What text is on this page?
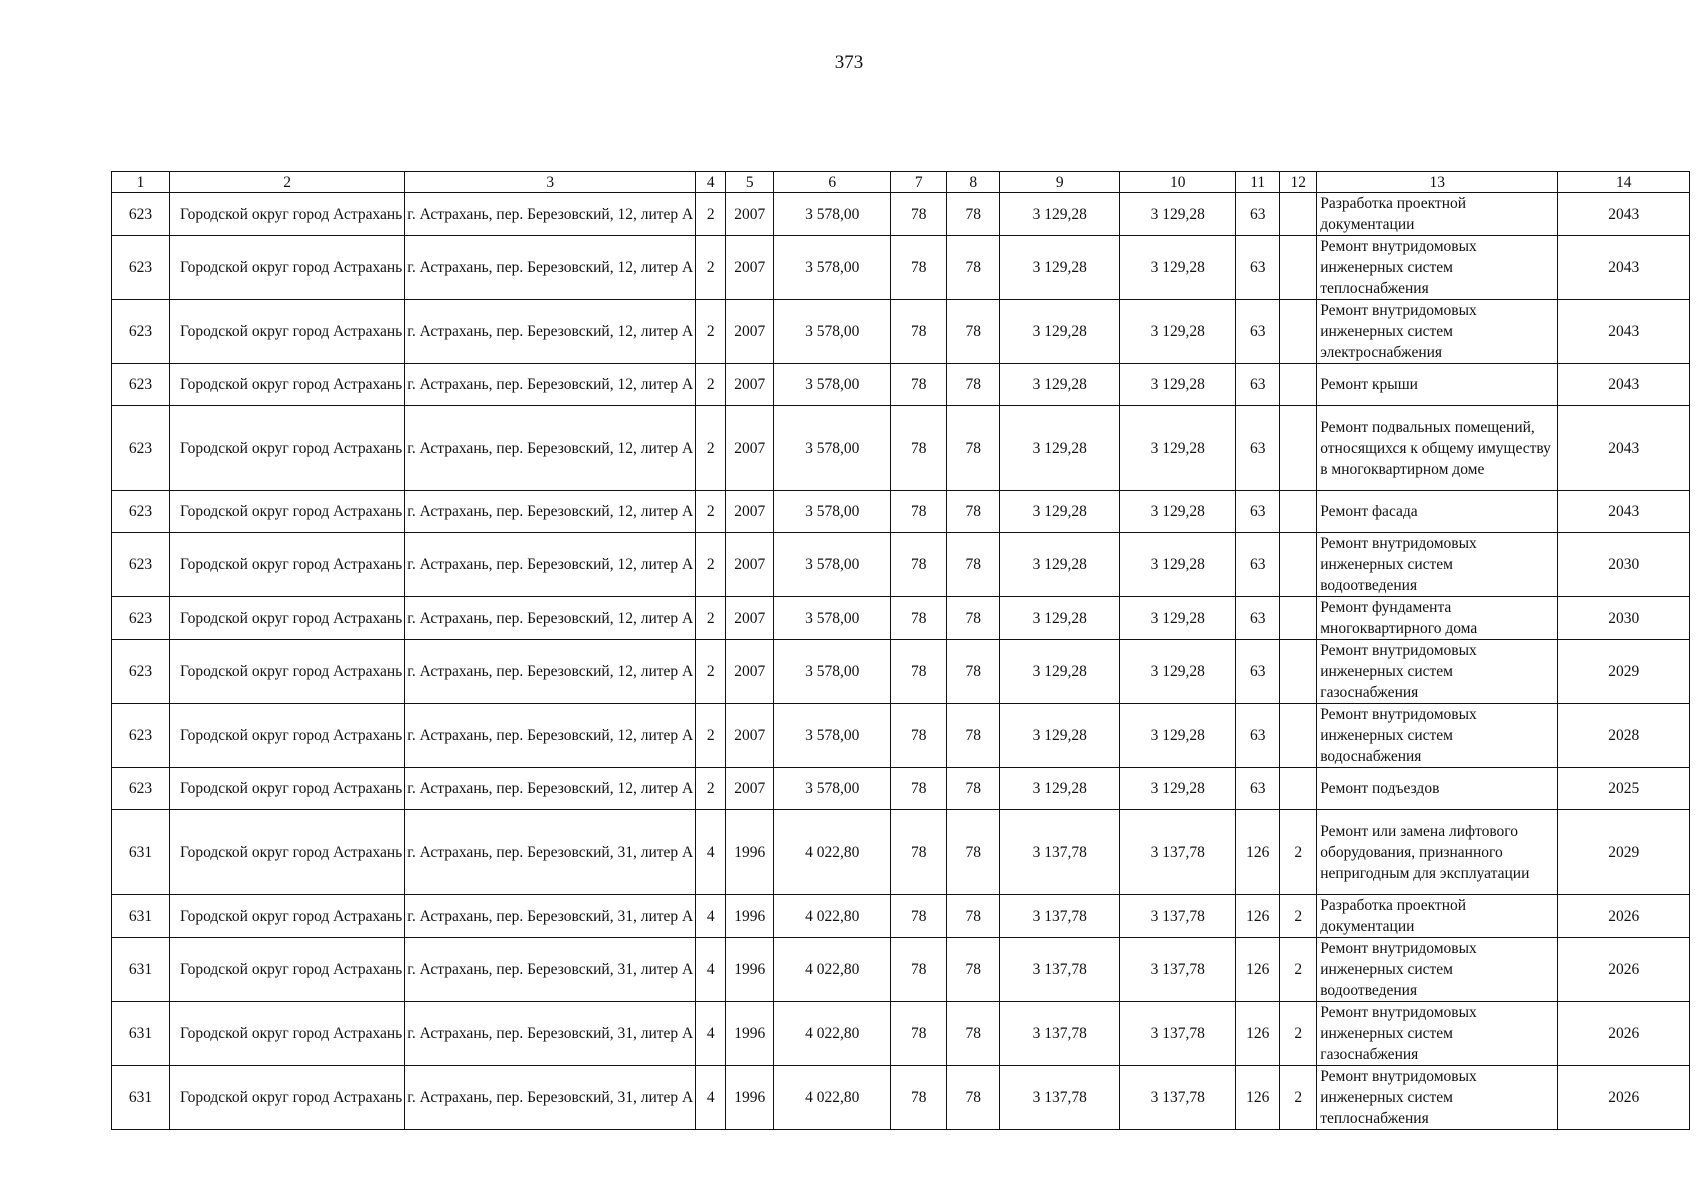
373
1	2	3	4	5	6	7	8	9	10	11	12	13	14
623	Городской округ город Астрахань	г. Астрахань, пер. Березовский, 12, литер А	2	2007	3 578,00	78	78	3 129,28	3 129,28	63		Разработка проектной документации	2043
623	Городской округ город Астрахань	г. Астрахань, пер. Березовский, 12, литер А	2	2007	3 578,00	78	78	3 129,28	3 129,28	63		Ремонт внутридомовых инженерных систем теплоснабжения	2043
623	Городской округ город Астрахань	г. Астрахань, пер. Березовский, 12, литер А	2	2007	3 578,00	78	78	3 129,28	3 129,28	63		Ремонт внутридомовых инженерных систем электроснабжения	2043
623	Городской округ город Астрахань	г. Астрахань, пер. Березовский, 12, литер А	2	2007	3 578,00	78	78	3 129,28	3 129,28	63		Ремонт крыши	2043
623	Городской округ город Астрахань	г. Астрахань, пер. Березовский, 12, литер А	2	2007	3 578,00	78	78	3 129,28	3 129,28	63		Ремонт подвальных помещений, относящихся к общему имуществу в многоквартирном доме	2043
623	Городской округ город Астрахань	г. Астрахань, пер. Березовский, 12, литер А	2	2007	3 578,00	78	78	3 129,28	3 129,28	63		Ремонт фасада	2043
623	Городской округ город Астрахань	г. Астрахань, пер. Березовский, 12, литер А	2	2007	3 578,00	78	78	3 129,28	3 129,28	63		Ремонт внутридомовых инженерных систем водоотведения	2030
623	Городской округ город Астрахань	г. Астрахань, пер. Березовский, 12, литер А	2	2007	3 578,00	78	78	3 129,28	3 129,28	63		Ремонт фундамента многоквартирного дома	2030
623	Городской округ город Астрахань	г. Астрахань, пер. Березовский, 12, литер А	2	2007	3 578,00	78	78	3 129,28	3 129,28	63		Ремонт внутридомовых инженерных систем газоснабжения	2029
623	Городской округ город Астрахань	г. Астрахань, пер. Березовский, 12, литер А	2	2007	3 578,00	78	78	3 129,28	3 129,28	63		Ремонт внутридомовых инженерных систем водоснабжения	2028
623	Городской округ город Астрахань	г. Астрахань, пер. Березовский, 12, литер А	2	2007	3 578,00	78	78	3 129,28	3 129,28	63		Ремонт подъездов	2025
631	Городской округ город Астрахань	г. Астрахань, пер. Березовский, 31, литер А	4	1996	4 022,80	78	78	3 137,78	3 137,78	126	2	Ремонт или замена лифтового оборудования, признанного непригодным для эксплуатации	2029
631	Городской округ город Астрахань	г. Астрахань, пер. Березовский, 31, литер А	4	1996	4 022,80	78	78	3 137,78	3 137,78	126	2	Разработка проектной документации	2026
631	Городской округ город Астрахань	г. Астрахань, пер. Березовский, 31, литер А	4	1996	4 022,80	78	78	3 137,78	3 137,78	126	2	Ремонт внутридомовых инженерных систем водоотведения	2026
631	Городской округ город Астрахань	г. Астрахань, пер. Березовский, 31, литер А	4	1996	4 022,80	78	78	3 137,78	3 137,78	126	2	Ремонт внутридомовых инженерных систем газоснабжения	2026
631	Городской округ город Астрахань	г. Астрахань, пер. Березовский, 31, литер А	4	1996	4 022,80	78	78	3 137,78	3 137,78	126	2	Ремонт внутридомовых инженерных систем теплоснабжения	2026
